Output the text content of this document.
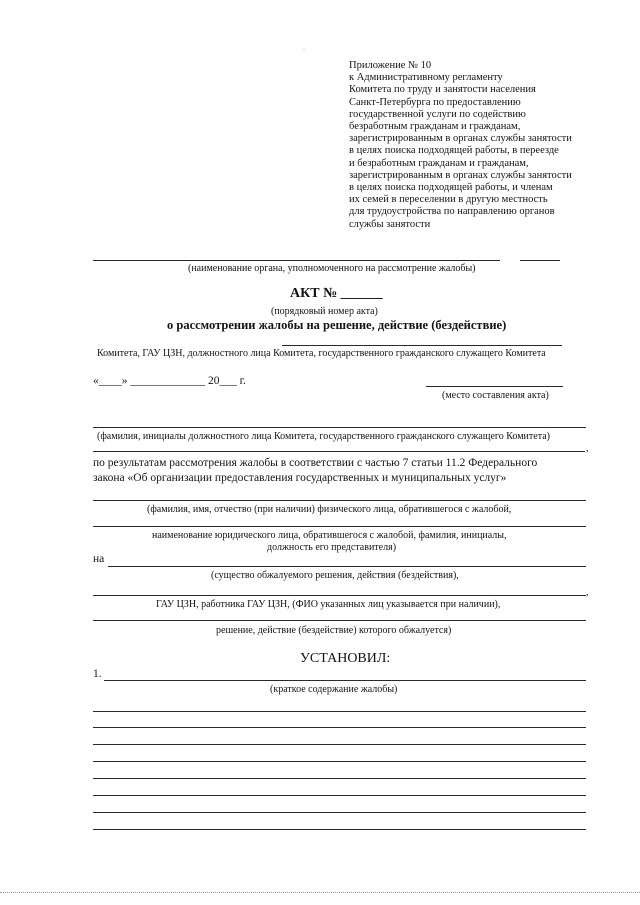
Приложение № 10
к Административному регламенту
Комитета по труду и занятости населения
Санкт-Петербурга по предоставлению
государственной услуги по содействию
безработным гражданам и гражданам,
зарегистрированным в органах службы занятости
в целях поиска подходящей работы, в переезде
и безработным гражданам и гражданам,
зарегистрированным в органах службы занятости
в целях поиска подходящей работы, и членам
их семей в переселении в другую местность
для трудоустройства по направлению органов
службы занятости
·
(наименование органа, уполномоченного на рассмотрение жалобы)
АКТ № ______
(порядковый номер акта)
о рассмотрении жалобы на решение, действие (бездействие)
Комитета, ГАУ ЦЗН, должностного лица Комитета, государственного гражданского служащего Комитета
«____» _____________ 20___ г.
(место составления акта)
(фамилия, инициалы должностного лица Комитета, государственного гражданского служащего Комитета)
,
по результатам рассмотрения жалобы в соответствии с частью 7 статьи 11.2 Федерального
закона «Об организации предоставления государственных и муниципальных услуг»
(фамилия, имя, отчество (при наличии) физического лица, обратившегося с жалобой,
наименование юридического лица, обратившегося с жалобой, фамилия, инициалы,
должность его представителя)
на
(существо обжалуемого решения, действия (бездействия),
,
ГАУ ЦЗН, работника ГАУ ЦЗН, (ФИО указанных лиц указывается при наличии),
решение, действие (бездействие) которого обжалуется)
УСТАНОВИЛ:
1.
(краткое содержание жалобы)
